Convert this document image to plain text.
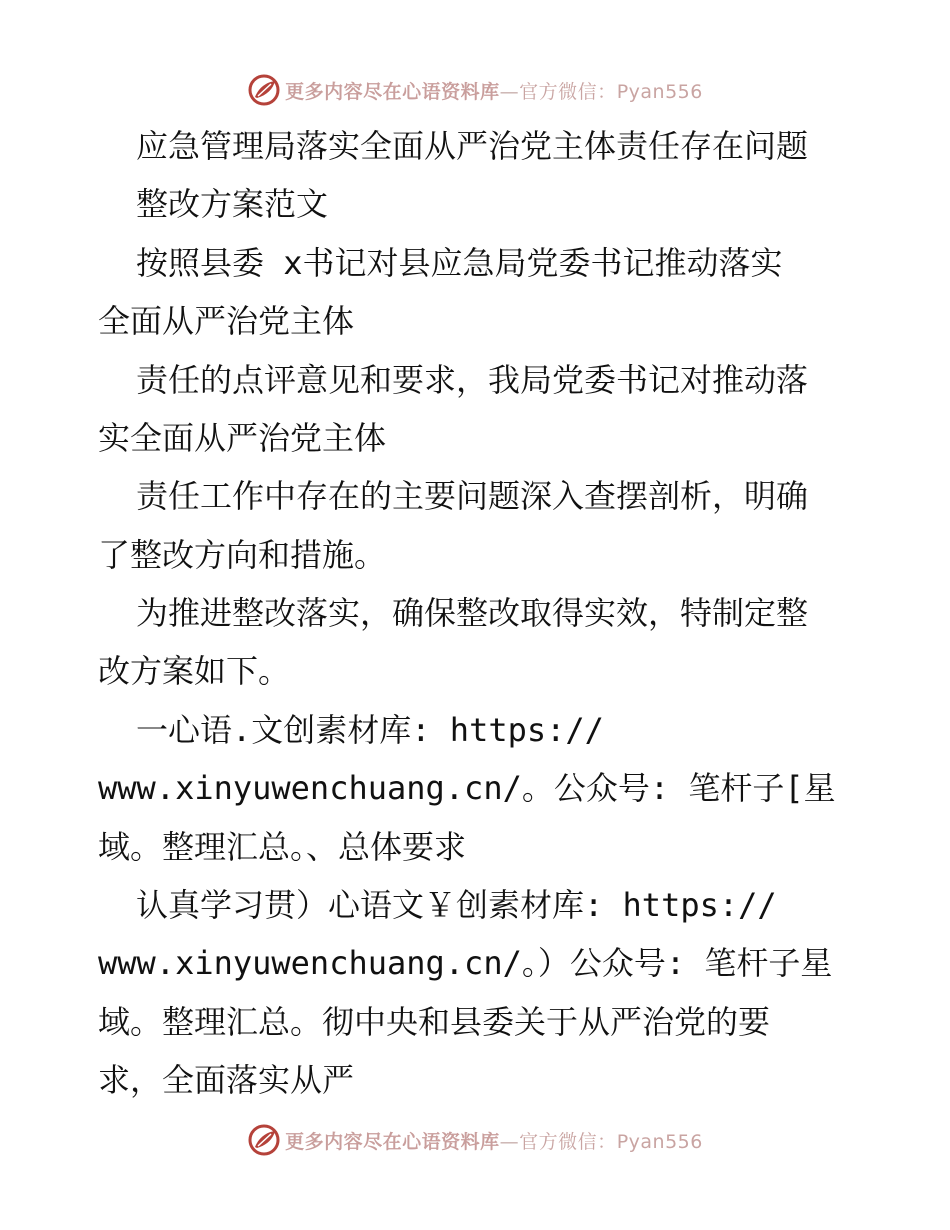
更多内容尽在心语资料库—官方微信：Pyan556
应急管理局落实全面从严治党主体责任存在问题
整改方案范文
按照县委 x书记对县应急局党委书记推动落实
全面从严治党主体
责任的点评意见和要求，我局党委书记对推动落
实全面从严治党主体
责任工作中存在的主要问题深入查摆剖析，明确
了整改方向和措施。
为推进整改落实，确保整改取得实效，特制定整
改方案如下。
一心语.文创素材库: https://
www.xinyuwenchuang.cn/。公众号: 笔杆子[星
域。整理汇总。、总体要求
认真学习贯）心语文￥创素材库: https://
www.xinyuwenchuang.cn/。）公众号: 笔杆子星
域。整理汇总。彻中央和县委关于从严治党的要
求，全面落实从严
更多内容尽在心语资料库—官方微信：Pyan556
